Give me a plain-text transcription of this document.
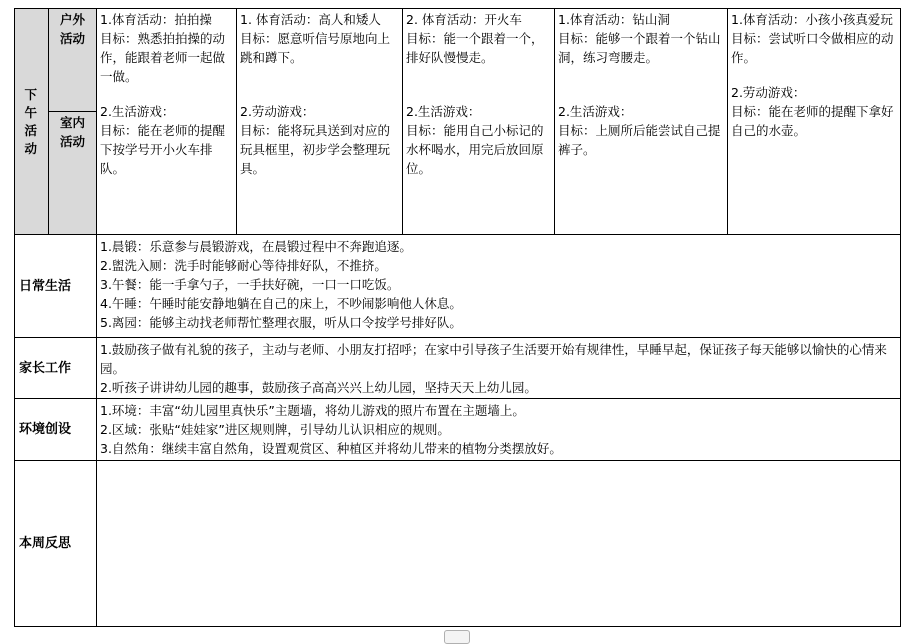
下午活动	户外活动	1.体育活动：拍拍操
目标：熟悉拍拍操的动作，能跟着老师一起做一做。
2.生活游戏：
目标：能在老师的提醒下按学号开小火车排队。	1. 体育活动：高人和矮人
目标：愿意听信号原地向上跳和蹲下。
2.劳动游戏：
目标：能将玩具送到对应的玩具框里，初步学会整理玩具。	2. 体育活动：开火车
目标：能一个跟着一个，排好队慢慢走。
2.生活游戏：
目标：能用自己小标记的水杯喝水，用完后放回原位。	1.体育活动：钻山洞
目标：能够一个跟着一个钻山洞，练习弯腰走。
2.生活游戏：
目标：上厕所后能尝试自己提裤子。	1.体育活动：小孩小孩真爱玩
目标：尝试听口令做相应的动作。
2.劳动游戏：
目标：能在老师的提醒下拿好自己的水壶。

	室内活动					

日常生活		1.晨锻：乐意参与晨锻游戏，在晨锻过程中不奔跑追逐。
2.盥洗入厕：洗手时能够耐心等待排好队，不推挤。
3.午餐：能一手拿勺子，一手扶好碗，一口一口吃饭。
4.午睡：午睡时能安静地躺在自己的床上，不吵闹影响他人休息。
5.离园：能够主动找老师帮忙整理衣服，听从口令按学号排好队。				

家长工作		1.鼓励孩子做有礼貌的孩子，主动与老师、小朋友打招呼；在家中引导孩子生活要开始有规律性，早睡早起，保证孩子每天能够以愉快的心情来园。
2.听孩子讲讲幼儿园的趣事，鼓励孩子高高兴兴上幼儿园，坚持天天上幼儿园。				

环境创设		1.环境：丰富“幼儿园里真快乐”主题墙，将幼儿游戏的照片布置在主题墙上。
2.区域：张贴“娃娃家”进区规则牌，引导幼儿认识相应的规则。
3.自然角：继续丰富自然角，设置观赏区、种植区并将幼儿带来的植物分类摆放好。				

本周反思						
